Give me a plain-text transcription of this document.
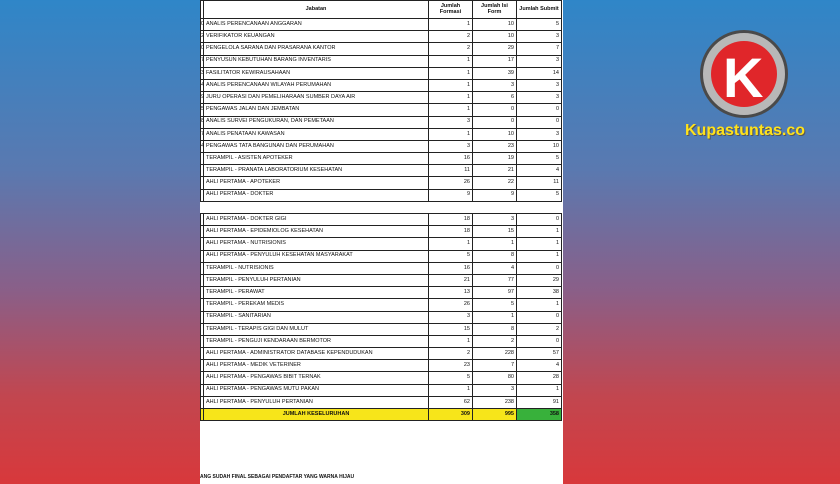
	Jabatan	Jumlah Formasi	Jumlah Isi Form	Jumlah Submit
0	ANALIS PERENCANAAN ANGGARAN	1	10	5
2	VERIFIKATOR KEUANGAN	2	10	3
0	PENGELOLA SARANA DAN PRASARANA KANTOR	2	29	7
7	PENYUSUN KEBUTUHAN BARANG INVENTARIS	1	17	3
3	FASILITATOR KEWIRAUSAHAAN	1	39	14
4	ANALIS PERENCANAAN WILAYAH PERUMAHAN	1	3	3
9	JURU OPERASI DAN PEMELIHARAAN SUMBER DAYA AIR	1	6	3
5	PENGAWAS JALAN DAN JEMBATAN	1	0	0
8	ANALIS SURVEI PENGUKURAN, DAN PEMETAAN	3	0	0
7	ANALIS PENATAAN KAWASAN	1	10	3
4	PENGAWAS TATA BANGUNAN DAN PERUMAHAN	3	23	10
	TERAMPIL - ASISTEN APOTEKER	16	19	5
	TERAMPIL - PRANATA LABORATORIUM KESEHATAN	11	21	4
	AHLI PERTAMA - APOTEKER	26	22	11
	AHLI PERTAMA - DOKTER	9	9	5

	AHLI PERTAMA - DOKTER GIGI	18	3	0
	AHLI PERTAMA - EPIDEMIOLOG KESEHATAN	18	15	1
	AHLI PERTAMA - NUTRISIONIS	1	1	1
	AHLI PERTAMA - PENYULUH KESEHATAN MASYARAKAT	5	8	1
	TERAMPIL - NUTRISIONIS	16	4	0
	TERAMPIL - PENYULUH PERTANIAN	21	77	29
	TERAMPIL - PERAWAT	13	97	38
	TERAMPIL - PEREKAM MEDIS	26	5	1
	TERAMPIL - SANITARIAN	3	1	0
	TERAMPIL - TERAPIS GIGI DAN MULUT	15	8	2
	TERAMPIL - PENGUJI KENDARAAN BERMOTOR	1	2	0
	AHLI PERTAMA - ADMINISTRATOR DATABASE KEPENDUDUKAN	2	228	57
	AHLI PERTAMA - MEDIK VETERINER	23	7	4
	AHLI PERTAMA - PENGAWAS BIBIT TERNAK	5	80	28
	AHLI PERTAMA - PENGAWAS MUTU PAKAN	1	3	1
	AHLI PERTAMA - PENYULUH PERTANIAN	62	238	91
	JUMLAH KESELURUHAN	309	995	358
ANG SUDAH FINAL SEBAGAI PENDAFTAR YANG WARNA HIJAU
K
Kupastuntas.co
